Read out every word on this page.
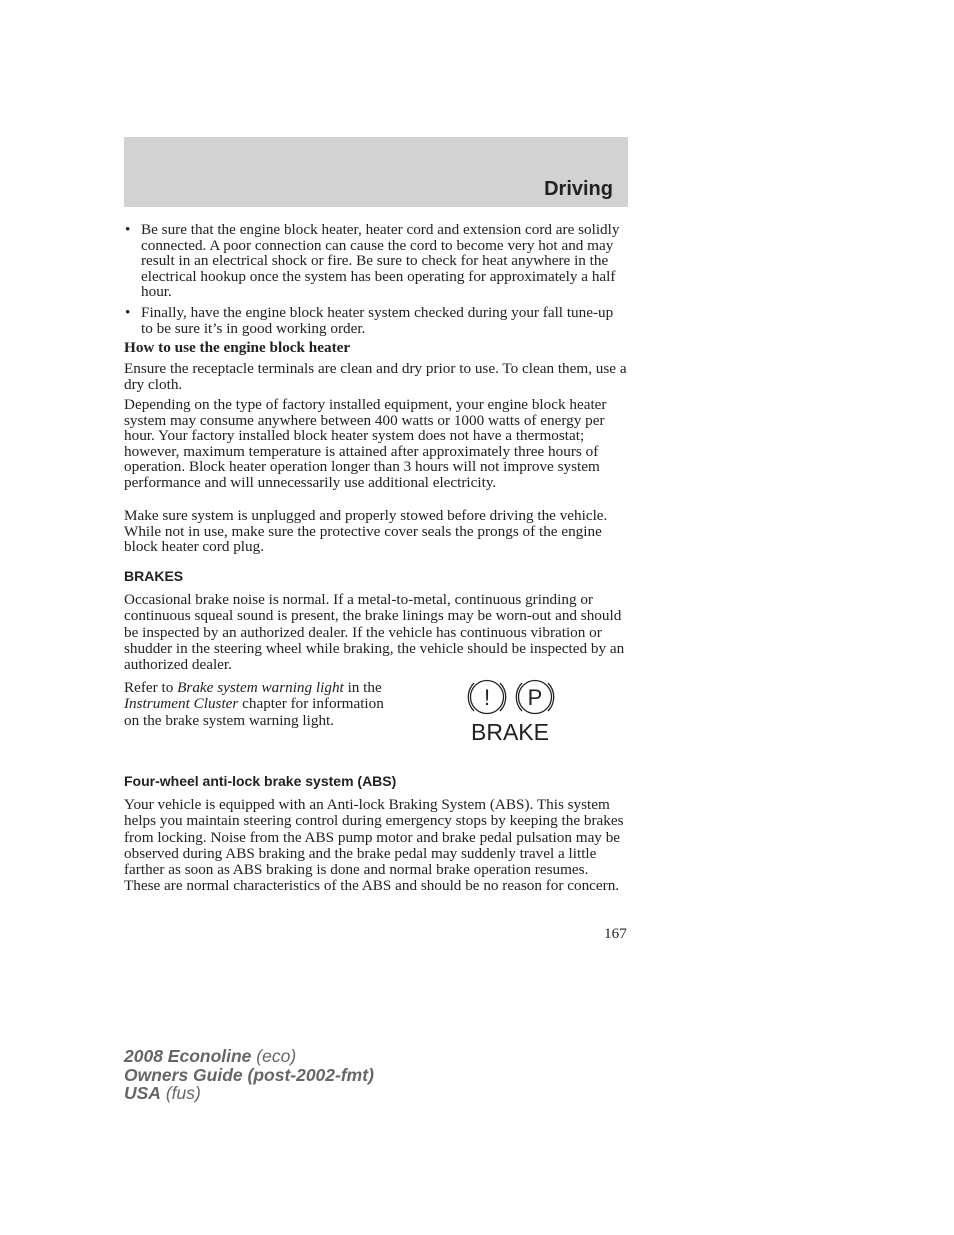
Driving
• Be sure that the engine block heater, heater cord and extension cord are solidly connected. A poor connection can cause the cord to become very hot and may result in an electrical shock or fire. Be sure to check for heat anywhere in the electrical hookup once the system has been operating for approximately a half hour.
• Finally, have the engine block heater system checked during your fall tune-up to be sure it’s in good working order.

How to use the engine block heater

Ensure the receptacle terminals are clean and dry prior to use. To clean them, use a dry cloth.

Depending on the type of factory installed equipment, your engine block heater system may consume anywhere between 400 watts or 1000 watts of energy per hour. Your factory installed block heater system does not have a thermostat; however, maximum temperature is attained after approximately three hours of operation. Block heater operation longer than 3 hours will not improve system performance and will unnecessarily use additional electricity.

Make sure system is unplugged and properly stowed before driving the vehicle. While not in use, make sure the protective cover seals the prongs of the engine block heater cord plug.

BRAKES

Occasional brake noise is normal. If a metal-to-metal, continuous grinding or continuous squeal sound is present, the brake linings may be worn-out and should be inspected by an authorized dealer. If the vehicle has continuous vibration or shudder in the steering wheel while braking, the vehicle should be inspected by an authorized dealer.

Refer to Brake system warning light in the Instrument Cluster chapter for information on the brake system warning light.

! P
BRAKE

Four-wheel anti-lock brake system (ABS)

Your vehicle is equipped with an Anti-lock Braking System (ABS). This system helps you maintain steering control during emergency stops by keeping the brakes from locking. Noise from the ABS pump motor and brake pedal pulsation may be observed during ABS braking and the brake pedal may suddenly travel a little farther as soon as ABS braking is done and normal brake operation resumes. These are normal characteristics of the ABS and should be no reason for concern.

167
2008 Econoline (eco)
Owners Guide (post-2002-fmt)
USA (fus)
